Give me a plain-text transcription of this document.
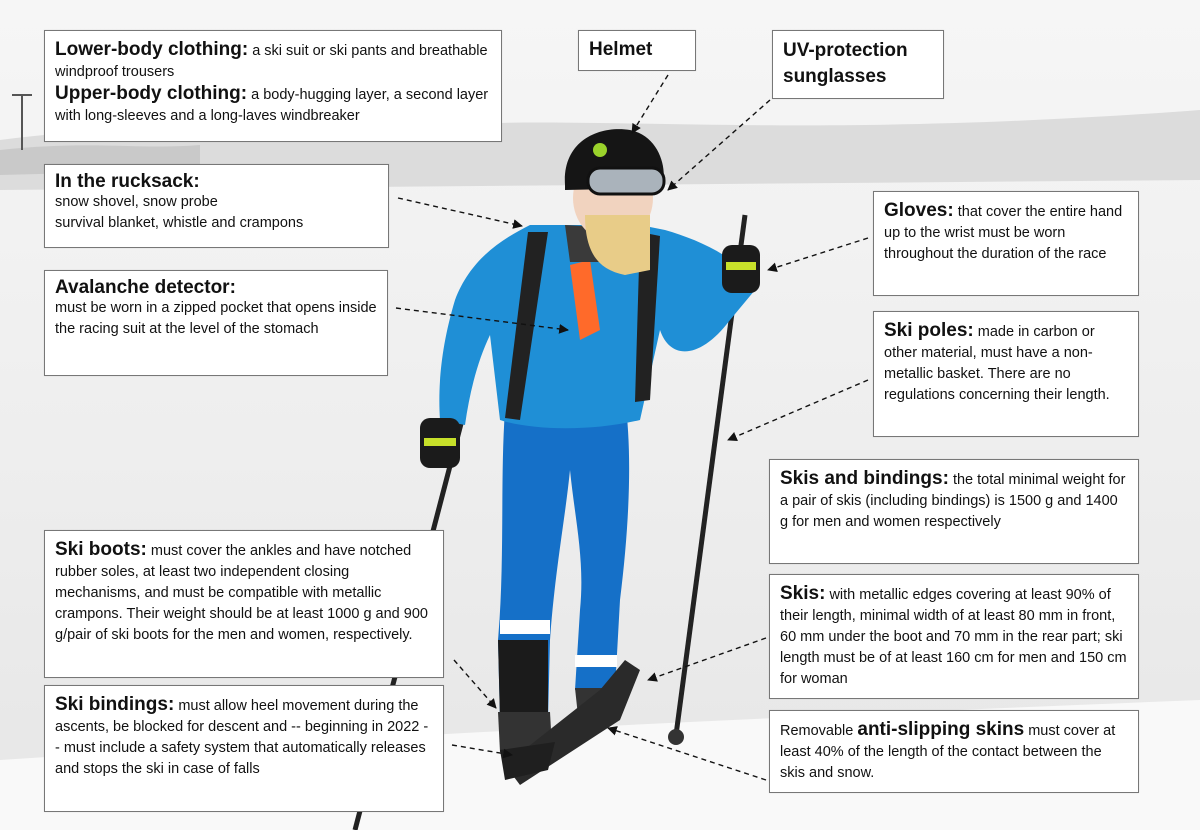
Lower-body clothing: a ski suit or ski pants and breathable windproof trousers
Upper-body clothing: a body-hugging layer, a second layer with long-sleeves and a long-laves windbreaker
Helmet	UV-protection sunglasses
In the rucksack:
snow shovel, snow probe
survival blanket, whistle and crampons
Gloves: that cover the entire hand up to the wrist must be worn throughout the duration of the race
Avalanche detector:
must be worn in a zipped pocket that opens inside the racing suit at the level of the stomach	Ski poles: made in carbon or other material, must have a non-metallic basket. There are no regulations concerning their length.
Skis and bindings: the total minimal weight for a pair of skis (including bindings) is 1500 g and 1400 g for men and women respectively
Ski boots: must cover the ankles and have notched rubber soles, at least two independent closing mechanisms, and must be compatible with metallic crampons. Their weight should be at least 1000 g and 900 g/pair of ski boots for the men and women, respectively.
Skis: with metallic edges covering at least 90% of their length, minimal width of at least 80 mm in front, 60 mm under the boot and 70 mm in the rear part; ski length must be of at least 160 cm for men and 150 cm for woman
Ski bindings: must allow heel movement during the ascents, be blocked for descent and -- beginning in 2022 -- must include a safety system that automatically releases and stops the ski in case of falls
Removable anti-slipping skins must cover at least 40% of the length of the contact between the skis and snow.
